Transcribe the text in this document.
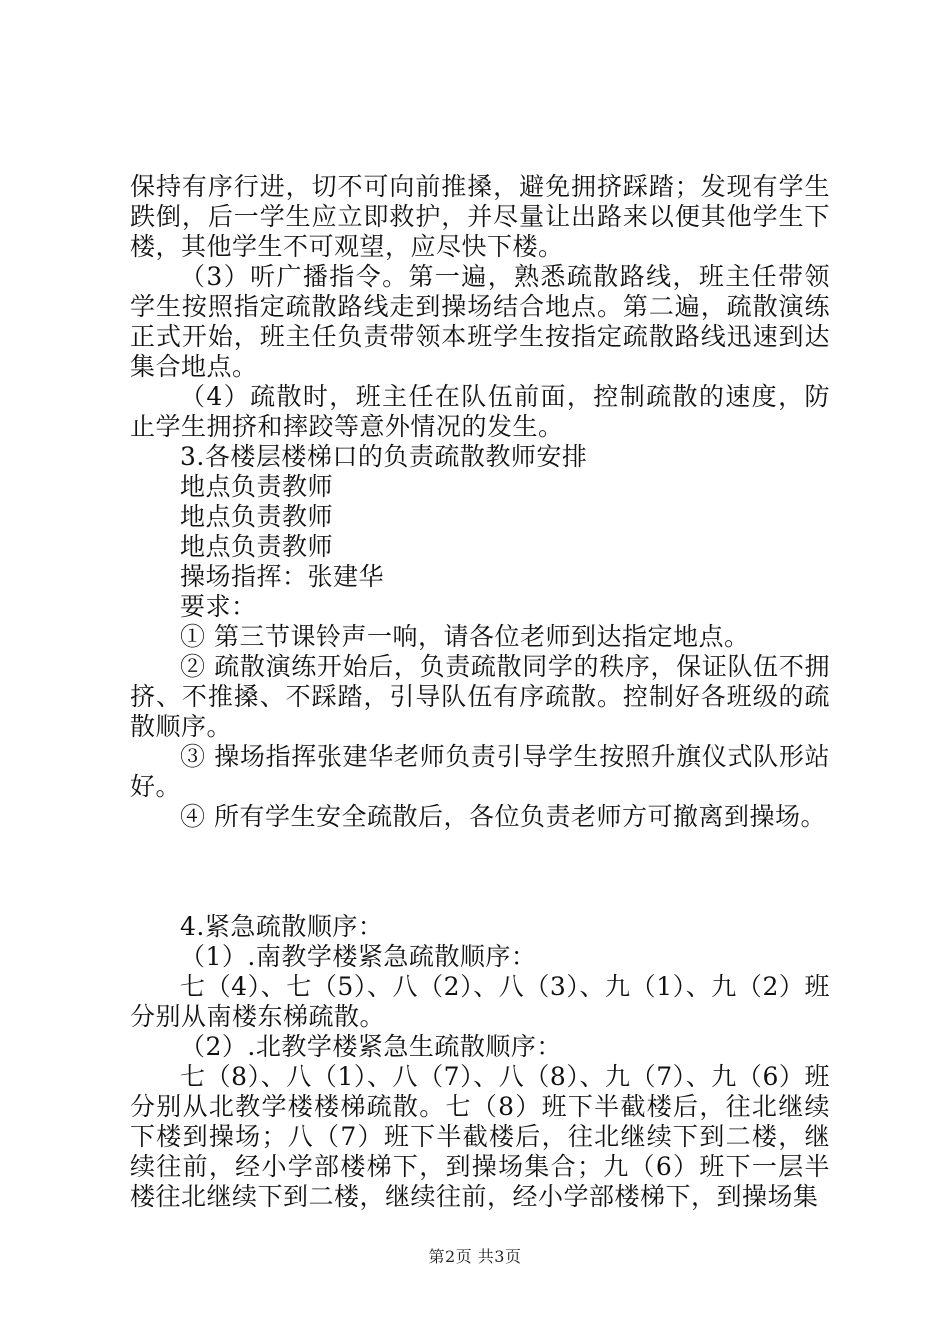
保持有序行进，切不可向前推搡，避免拥挤踩踏；发现有学生跌倒，后一学生应立即救护，并尽量让出路来以便其他学生下楼，其他学生不可观望，应尽快下楼。

（3）听广播指令。第一遍，熟悉疏散路线，班主任带领学生按照指定疏散路线走到操场结合地点。第二遍，疏散演练正式开始，班主任负责带领本班学生按指定疏散路线迅速到达集合地点。

（4）疏散时，班主任在队伍前面，控制疏散的速度，防止学生拥挤和摔跤等意外情况的发生。

3.各楼层楼梯口的负责疏散教师安排

地点负责教师

地点负责教师

地点负责教师

操场指挥：张建华

要求：

① 第三节课铃声一响，请各位老师到达指定地点。

② 疏散演练开始后，负责疏散同学的秩序，保证队伍不拥挤、不推搡、不踩踏，引导队伍有序疏散。控制好各班级的疏散顺序。

③ 操场指挥张建华老师负责引导学生按照升旗仪式队形站好。

④ 所有学生安全疏散后，各位负责老师方可撤离到操场。

4.紧急疏散顺序：

（1）.南教学楼紧急疏散顺序：

七（4）、七（5）、八（2）、八（3）、九（1）、九（2）班分别从南楼东梯疏散。

（2）.北教学楼紧急生疏散顺序：

七（8）、八（1）、八（7）、八（8）、九（7）、九（6）班分别从北教学楼楼梯疏散。七（8）班下半截楼后，往北继续下楼到操场；八（7）班下半截楼后，往北继续下到二楼，继续往前，经小学部楼梯下，到操场集合；九（6）班下一层半楼往北继续下到二楼，继续往前，经小学部楼梯下，到操场集

第2页 共3页
